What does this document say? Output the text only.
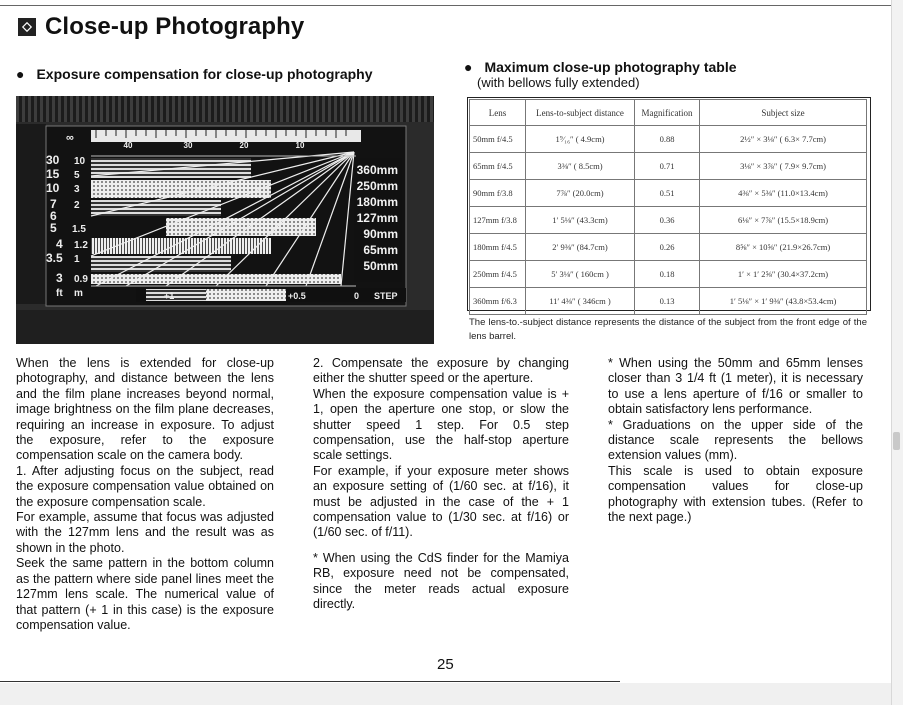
Close-up Photography
● Exposure compensation for close-up photography	● Maximum close-up photography table
(with bellows fully extended)
40	30	20	10
360mm
250mm
180mm
127mm
90mm
65mm
50mm
∞
30 10
15 5
10 3
7 2
6
5 1.5
4 1.2
3.5 1
3 0.9
ft m	+1	+0.5	0 STEP
Lens	Lens-to-subject distance	Magnification	Subject size
50mm f/4.5	1⁹⁄₁₆″ ( 4.9cm)	0.88	2½″ × 3⅛″ ( 6.3× 7.7cm)
65mm f/4.5	3⅜″ ( 8.5cm)	0.71	3⅛″ × 3⅞″ ( 7.9× 9.7cm)
90mm f/3.8	7⅞″ (20.0cm)	0.51	4⅜″ × 5⅜″ (11.0×13.4cm)
127mm f/3.8	1′ 5⅛″ (43.3cm)	0.36	6⅛″ × 7⅞″ (15.5×18.9cm)
180mm f/4.5	2′ 9⅜″ (84.7cm)	0.26	8⅝″ × 10⅝″ (21.9×26.7cm)
250mm f/4.5	5′ 3⅛″ ( 160cm )	0.18	1′ × 1′ 2⅝″ (30.4×37.2cm)
360mm f/6.3	11′ 4⅜″ ( 346cm )	0.13	1′ 5⅛″ × 1′ 9⅜″ (43.8×53.4cm)
The lens-to.-subject distance represents the distance of the subject from the front edge of the lens barrel.

When the lens is extended for close-up photography, and distance between the lens and the film plane increases beyond normal, image brightness on the film plane decreases, requiring an increase in exposure. To adjust the exposure, refer to the exposure compensation scale on the camera body.

1. After adjusting focus on the subject, read the exposure compensation value obtained on the exposure compensation scale.

For example, assume that focus was adjusted with the 127mm lens and the result was as shown in the photo.

Seek the same pattern in the bottom column as the pattern where side panel lines meet the 127mm lens scale. The numerical value of that pattern (+ 1 in this case) is the exposure compensation value.

2. Compensate the exposure by changing either the shutter speed or the aperture.

When the exposure compensation value is + 1, open the aperture one stop, or slow the shutter speed 1 step. For 0.5 step compensation, use the half-stop aperture scale settings.

For example, if your exposure meter shows an exposure setting of (1/60 sec. at f/16), it must be adjusted in the case of the + 1 compensation value to (1/30 sec. at f/16) or (1/60 sec. of f/11).

* When using the CdS finder for the Mamiya RB, exposure need not be compensated, since the meter reads actual exposure directly.

* When using the 50mm and 65mm lenses closer than 3 1/4 ft (1 meter), it is necessary to use a lens aperture of f/16 or smaller to obtain satisfactory lens performance.

* Graduations on the upper side of the distance scale represents the bellows extension values (mm).

This scale is used to obtain exposure compensation values for close-up photography with extension tubes. (Refer to the next page.)

25
